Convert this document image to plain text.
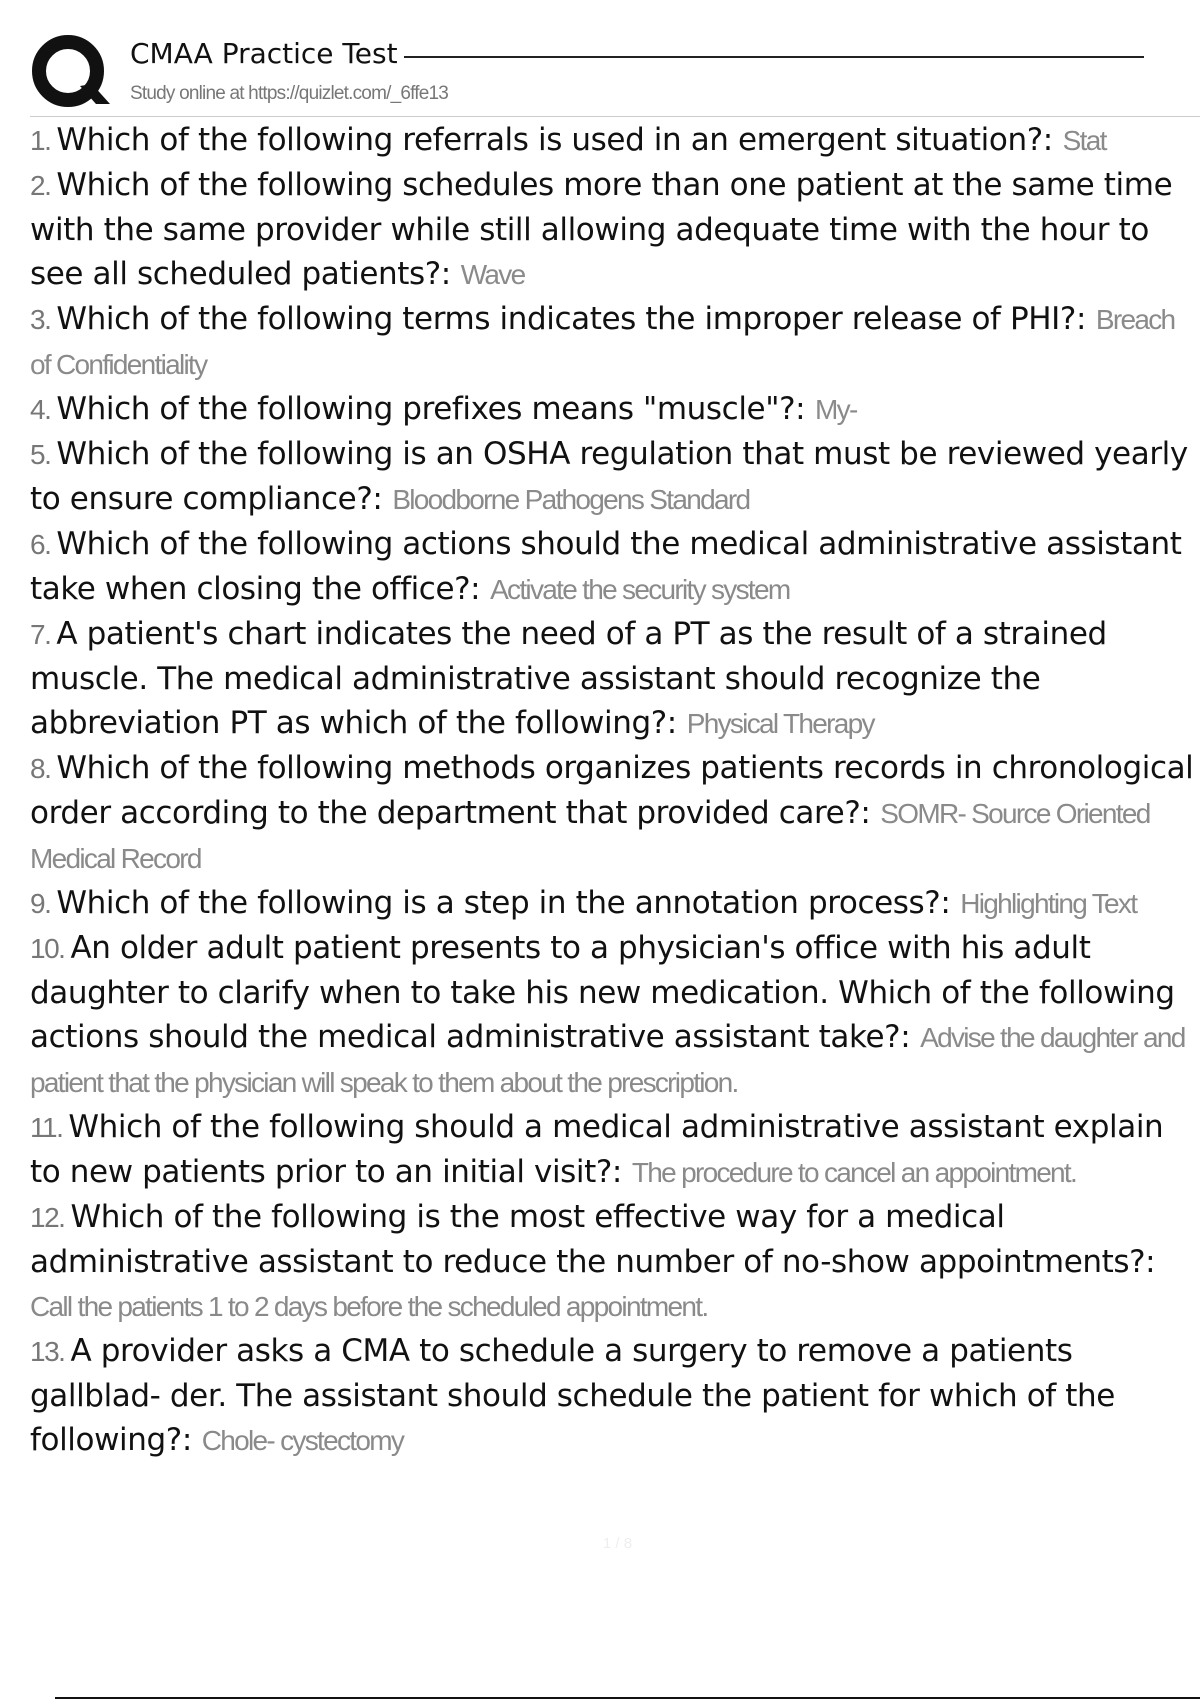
CMAA Practice Test
Study online at https://quizlet.com/_6ffe13
1. Which of the following referrals is used in an emergent situation?: Stat
2. Which of the following schedules more than one patient at the same time with the same provider while still allowing adequate time with the hour to see all scheduled patients?: Wave
3. Which of the following terms indicates the improper release of PHI?: Breach of Confidentiality
4. Which of the following prefixes means "muscle"?: My-
5. Which of the following is an OSHA regulation that must be reviewed yearly to ensure compliance?: Bloodborne Pathogens Standard
6. Which of the following actions should the medical administrative assistant take when closing the office?: Activate the security system
7. A patient's chart indicates the need of a PT as the result of a strained muscle. The medical administrative assistant should recognize the abbreviation PT as which of the following?: Physical Therapy
8. Which of the following methods organizes patients records in chronological order according to the department that provided care?: SOMR- Source Oriented Medical Record
9. Which of the following is a step in the annotation process?: Highlighting Text
10. An older adult patient presents to a physician's office with his adult daughter to clarify when to take his new medication. Which of the following actions should the medical administrative assistant take?: Advise the daughter and patient that the physician will speak to them about the prescription.
11. Which of the following should a medical administrative assistant explain to new patients prior to an initial visit?: The procedure to cancel an appointment.
12. Which of the following is the most effective way for a medical administrative assistant to reduce the number of no-show appointments?: Call the patients 1 to 2 days before the scheduled appointment.
13. A provider asks a CMA to schedule a surgery to remove a patients gallblad- der. The assistant should schedule the patient for which of the following?: Chole- cystectomy
1 / 8
